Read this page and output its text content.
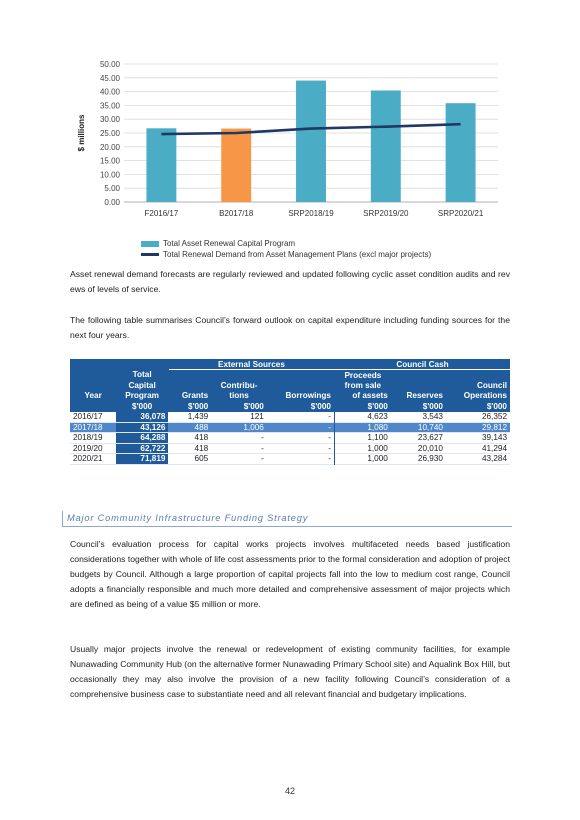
0.00
5.00
10.00
15.00
20.00
25.00
30.00
35.00
40.00
45.00
50.00
$ millions
F2016/17	B2017/18	SRP2018/19	SRP2019/20	SRP2020/21
Total Asset Renewal Capital Program
Total Renewal Demand from Asset Management Plans (excl major projects)

Asset renewal demand forecasts are regularly reviewed and updated following cyclic asset condition audits and rev ews of levels of service.

The following table summarises Council’s forward outlook on capital expenditure including funding sources for the next four years.

		External Sources			Council Cash		
	Total				Proceeds		
	Capital		Contribu-		from sale		Council
Year	Program	Grants	tions	Borrowings	of assets	Reserves	Operations
	$'000	$'000	$'000	$'000	$'000	$'000	$'000
2016/17	36,078	1,439	121	-	4,623	3,543	26,352
2017/18	43,126	488	1,006	-	1,080	10,740	29,812
2018/19	64,288	418	-	-	1,100	23,627	39,143
2019/20	62,722	418	-	-	1,000	20,010	41,294
2020/21	71,819	605	-	-	1,000	26,930	43,284
Major Community Infrastructure Funding Strategy

Council’s evaluation process for capital works projects involves multifaceted needs based justification considerations together with whole of life cost assessments prior to the formal consideration and adoption of project budgets by Council. Although a large proportion of capital projects fall into the low to medium cost range, Council adopts a financially responsible and much more detailed and comprehensive assessment of major projects which are defined as being of a value $5 million or more.

Usually major projects involve the renewal or redevelopment of existing community facilities, for example Nunawading Community Hub (on the alternative former Nunawading Primary School site) and Aqualink Box Hill, but occasionally they may also involve the provision of a new facility following Council’s consideration of a comprehensive business case to substantiate need and all relevant financial and budgetary implications.

42
